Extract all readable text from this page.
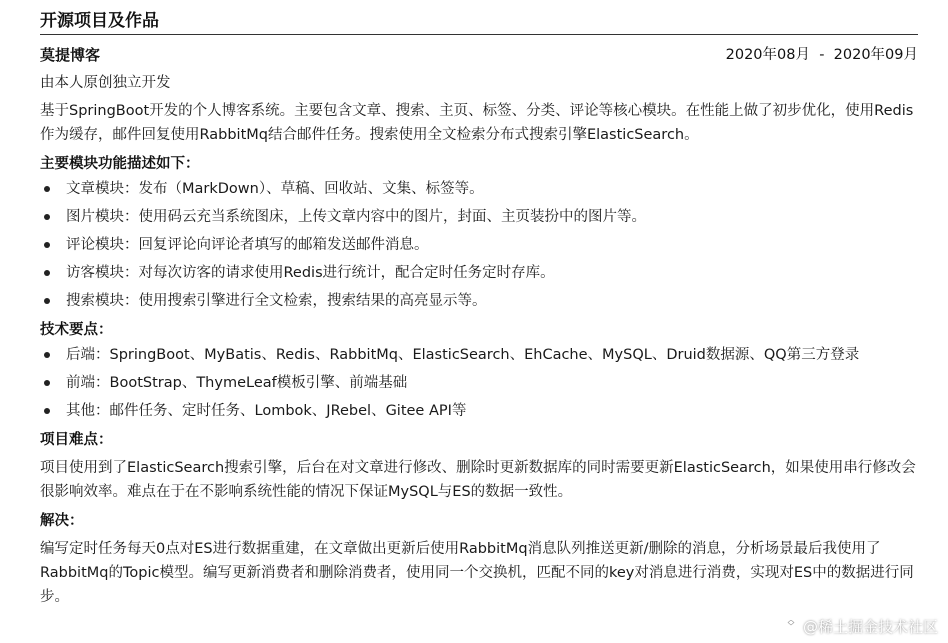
开源项目及作品
莫提博客	2020年08月  -  2020年09月
由本人原创独立开发
基于SpringBoot开发的个人博客系统。主要包含文章、搜索、主页、标签、分类、评论等核心模块。在性能上做了初步优化，使用Redis作为缓存，邮件回复使用RabbitMq结合邮件任务。搜索使用全文检索分布式搜索引擎ElasticSearch。
主要模块功能描述如下：
文章模块：发布（MarkDown）、草稿、回收站、文集、标签等。
图片模块：使用码云充当系统图床，上传文章内容中的图片，封面、主页装扮中的图片等。
评论模块：回复评论向评论者填写的邮箱发送邮件消息。
访客模块：对每次访客的请求使用Redis进行统计，配合定时任务定时存库。
搜索模块：使用搜索引擎进行全文检索，搜索结果的高亮显示等。
技术要点：
后端：SpringBoot、MyBatis、Redis、RabbitMq、ElasticSearch、EhCache、MySQL、Druid数据源、QQ第三方登录
前端：BootStrap、ThymeLeaf模板引擎、前端基础
其他：邮件任务、定时任务、Lombok、JRebel、Gitee API等
项目难点：
项目使用到了ElasticSearch搜索引擎，后台在对文章进行修改、删除时更新数据库的同时需要更新ElasticSearch，如果使用串行修改会很影响效率。难点在于在不影响系统性能的情况下保证MySQL与ES的数据一致性。
解决：
编写定时任务每天0点对ES进行数据重建，在文章做出更新后使用RabbitMq消息队列推送更新/删除的消息，分析场景最后我使用了RabbitMq的Topic模型。编写更新消费者和删除消费者，使用同一个交换机，匹配不同的key对消息进行消费，实现对ES中的数据进行同步。
@稀土掘金技术社区
